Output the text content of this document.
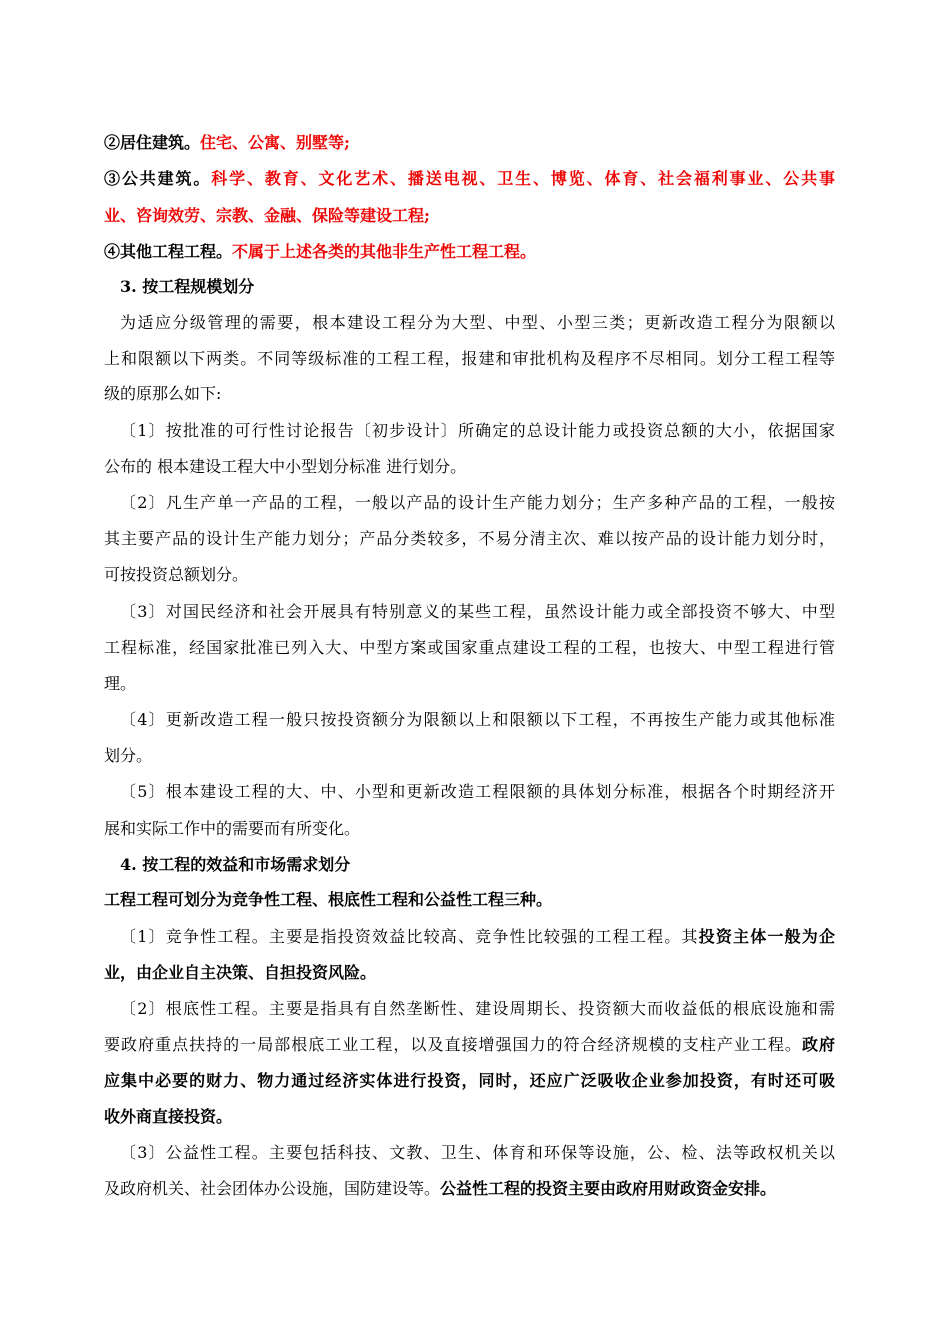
②居住建筑。住宅、公寓、别墅等;
③公共建筑。科学、教育、文化艺术、播送电视、卫生、博览、体育、社会福利事业、公共事
业、咨询效劳、宗教、金融、保险等建设工程;
④其他工程工程。不属于上述各类的其他非生产性工程工程。
3. 按工程规模划分
为适应分级管理的需要，根本建设工程分为大型、中型、小型三类；更新改造工程分为限额以
上和限额以下两类。不同等级标准的工程工程，报建和审批机构及程序不尽相同。划分工程工程等
级的原那么如下:
〔1〕按批准的可行性讨论报告〔初步设计〕所确定的总设计能力或投资总额的大小，依据国家
公布的 根本建设工程大中小型划分标准 进行划分。
〔2〕凡生产单一产品的工程，一般以产品的设计生产能力划分；生产多种产品的工程，一般按
其主要产品的设计生产能力划分；产品分类较多，不易分清主次、难以按产品的设计能力划分时，
可按投资总额划分。
〔3〕对国民经济和社会开展具有特别意义的某些工程，虽然设计能力或全部投资不够大、中型
工程标准，经国家批准已列入大、中型方案或国家重点建设工程的工程，也按大、中型工程进行管
理。
〔4〕更新改造工程一般只按投资额分为限额以上和限额以下工程，不再按生产能力或其他标准
划分。
〔5〕根本建设工程的大、中、小型和更新改造工程限额的具体划分标准，根据各个时期经济开
展和实际工作中的需要而有所变化。
4. 按工程的效益和市场需求划分
工程工程可划分为竞争性工程、根底性工程和公益性工程三种。
〔1〕竞争性工程。主要是指投资效益比较高、竞争性比较强的工程工程。其投资主体一般为企
业，由企业自主决策、自担投资风险。
〔2〕根底性工程。主要是指具有自然垄断性、建设周期长、投资额大而收益低的根底设施和需
要政府重点扶持的一局部根底工业工程，以及直接增强国力的符合经济规模的支柱产业工程。政府
应集中必要的财力、物力通过经济实体进行投资，同时，还应广泛吸收企业参加投资，有时还可吸
收外商直接投资。
〔3〕公益性工程。主要包括科技、文教、卫生、体育和环保等设施，公、检、法等政权机关以
及政府机关、社会团体办公设施，国防建设等。公益性工程的投资主要由政府用财政资金安排。
